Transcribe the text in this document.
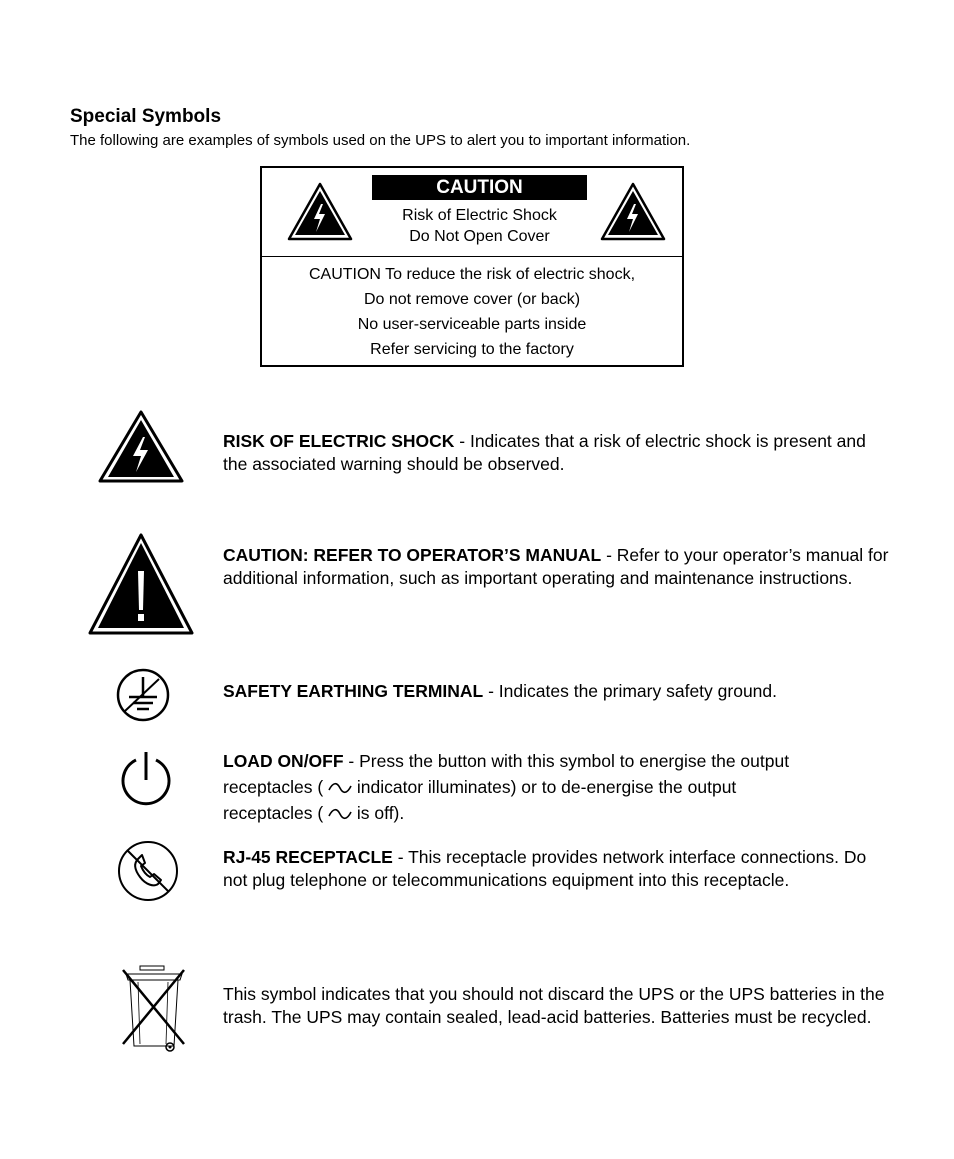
Special Symbols
The following are examples of symbols used on the UPS to alert you to important information.
CAUTION
Risk of Electric Shock
Do Not Open Cover
CAUTION To reduce the risk of electric shock,
Do not remove cover (or back)
No user-serviceable parts inside
Refer servicing to the factory
RISK OF ELECTRIC SHOCK - Indicates that a risk of electric shock is present and the associated warning should be observed.
CAUTION: REFER TO OPERATOR’S MANUAL - Refer to your operator’s manual for additional information, such as important operating and maintenance instructions.
SAFETY EARTHING TERMINAL - Indicates the primary safety ground.
LOAD ON/OFF - Press the button with this symbol to energise the output
receptacles (  indicator illuminates) or to de-energise the output
receptacles (  is off).
RJ-45 RECEPTACLE - This receptacle provides network interface connections. Do not plug telephone or telecommunications equipment into this receptacle.
This symbol indicates that you should not discard the UPS or the UPS batteries in the trash. The UPS may contain sealed, lead-acid batteries. Batteries must be recycled.
